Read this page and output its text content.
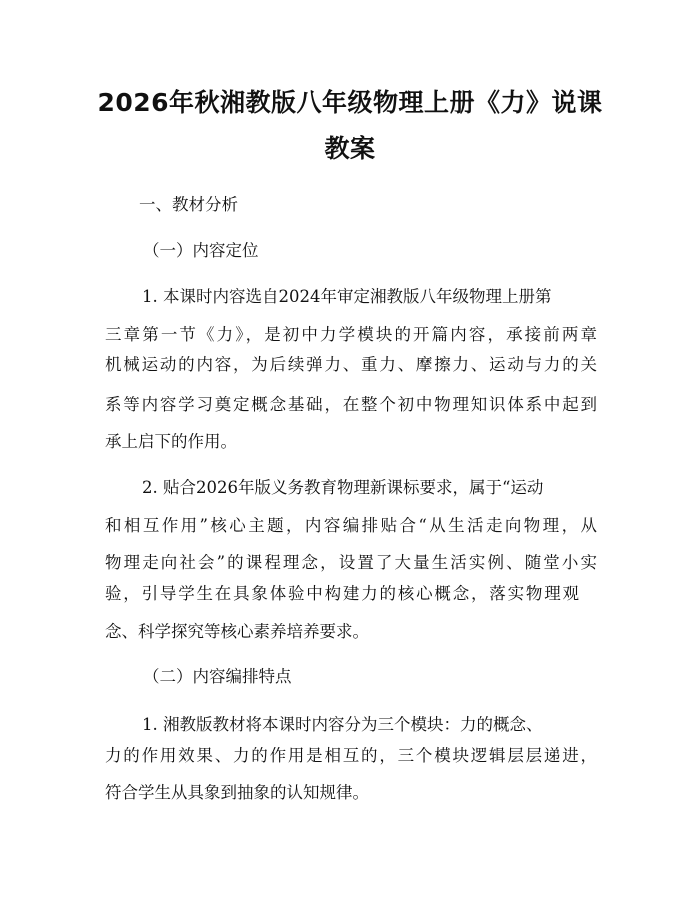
2026年秋湘教版八年级物理上册《力》说课
教案
一、教材分析
（一）内容定位
1. 本课时内容选自2024年审定湘教版八年级物理上册第
三章第一节《力》，是初中力学模块的开篇内容，承接前两章
机械运动的内容，为后续弹力、重力、摩擦力、运动与力的关
系等内容学习奠定概念基础，在整个初中物理知识体系中起到
承上启下的作用。
2. 贴合2026年版义务教育物理新课标要求，属于“运动
和相互作用”核心主题，内容编排贴合“从生活走向物理，从
物理走向社会”的课程理念，设置了大量生活实例、随堂小实
验，引导学生在具象体验中构建力的核心概念，落实物理观
念、科学探究等核心素养培养要求。
（二）内容编排特点
1. 湘教版教材将本课时内容分为三个模块：力的概念、
力的作用效果、力的作用是相互的，三个模块逻辑层层递进，
符合学生从具象到抽象的认知规律。
